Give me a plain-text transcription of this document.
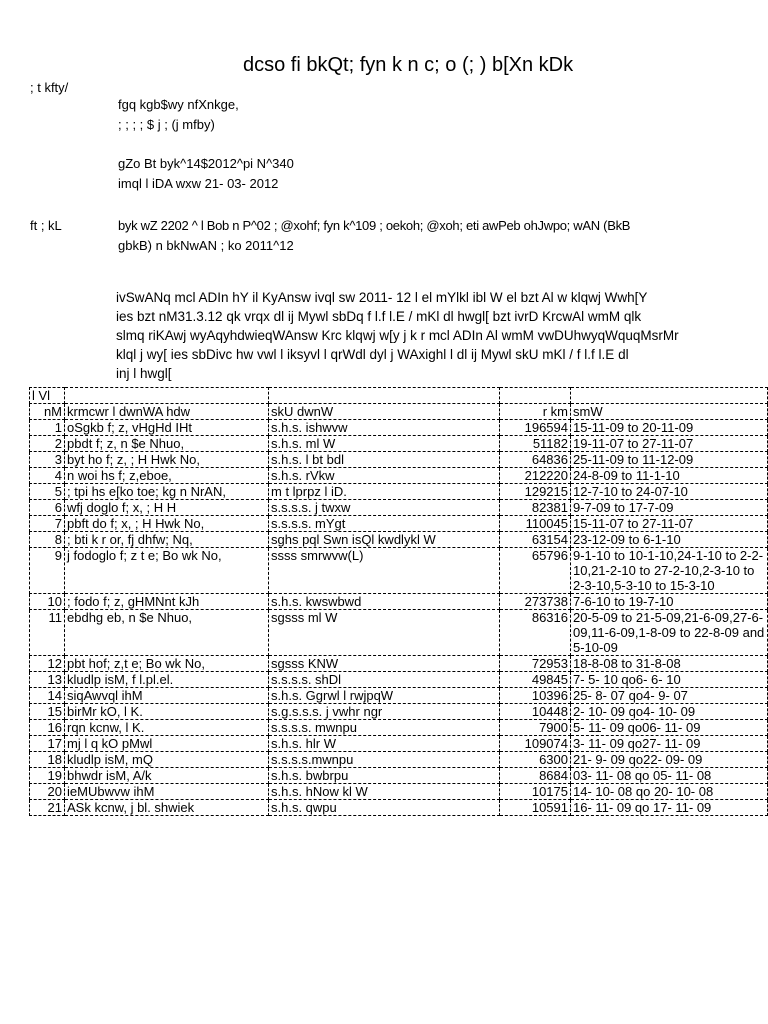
dcso fi bkQt; fyn k n c; o (; ) b[Xn kDk
; t kfty/
fgq kgb$wy nfXnkge,
; ; ; ; $ j ; (j mfby)
gZo Bt byk^14$2012^pi N^340
imql l iDA wxw 21- 03- 2012
ft ; kL	byk wZ 2202 ^ l Bob n P^02 ; @xohf; fyn k^109 ; oekoh; @xoh; eti awPeb ohJwpo; wAN (BkB
gbkB) n bkNwAN ; ko 2011^12
ivSwANq mcl ADIn hY il KyAnsw ivql sw 2011- 12 l el mYlkl ibl W el bzt Al w klqwj Wwh[Y
ies bzt nM31.3.12 qk vrqx dl ij Mywl sbDq f l.f l.E / mKl dl hwgl[ bzt ivrD KrcwAl wmM qlk
slmq riKAwj wyAqyhdwieqWAnsw Krc klqwj w[y j k r mcl ADIn Al wmM vwDUhwyqWquqMsrMr
klql j wy[ ies sbDivc hw vwl l iksyvl l qrWdl dyl j WAxighl l dl ij Mywl skU mKl / f l.f l.E dl
inj l hwgl[
l Vl				
nM	krmcwr l dwnWA hdw	skU dwnW	r km	smW
1	oSgkb f; z, vHgHd IHt	s.h.s. ishwvw	196594	15-11-09 to 20-11-09
2	pbdt f; z, n $e Nhuo,	s.h.s. ml W	51182	19-11-07 to 27-11-07
3	byt ho f; z, ; H Hwk No,	s.h.s. l bt bdl	64836	25-11-09 to 11-12-09
4	n woi hs f; z,eboe,	s.h.s. rVkw	212220	24-8-09 to 11-1-10
5	; tpi hs e[ko toe; kg n NrAN,	m t lprpz l iD.	129215	12-7-10 to 24-07-10
6	wfj doglo f; x, ; H H	s.s.s.s. j twxw	82381	9-7-09 to 17-7-09
7	pbft do f; x, ; H Hwk No,	s.s.s.s. mYgt	110045	15-11-07 to 27-11-07
8	; bti k r or, fj dhfw; Nq,	sghs pql Swn isQl kwdlykl W	63154	23-12-09 to 6-1-10
9	j fodoglo f; z t e; Bo wk No,	ssss smrwvw(L)	65796	9-1-10 to 10-1-10,24-1-10 to 2-2-10,21-2-10 to 27-2-10,2-3-10 to 2-3-10,5-3-10 to 15-3-10
10	; fodo f; z, gHMNnt kJh	s.h.s. kwswbwd	273738	7-6-10 to 19-7-10
11	ebdhg eb, n $e Nhuo,	sgsss ml W	86316	20-5-09 to 21-5-09,21-6-09,27-6-09,11-6-09,1-8-09 to 22-8-09 and 5-10-09
12	pbt hof; z,t e; Bo wk No,	sgsss KNW	72953	18-8-08 to 31-8-08
13	kludlp isM, f l.pl.el.	s.s.s.s. shDl	49845	7- 5- 10 qo6- 6- 10
14	siqAwvql ihM	s.h.s. Ggrwl l rwjpqW	10396	25- 8- 07 qo4- 9- 07
15	birMr kO, l K.	s.g.s.s.s. j vwhr ngr	10448	2- 10- 09 qo4- 10- 09
16	rqn kcnw, l K.	s.s.s.s. mwnpu	7900	5- 11- 09 qo06- 11- 09
17	mj l q kO pMwl	s.h.s. hlr W	109074	3- 11- 09 qo27- 11- 09
18	kludlp isM, mQ	s.s.s.s.mwnpu	6300	21- 9- 09 qo22- 09- 09
19	bhwdr isM, A/k	s.h.s. bwbrpu	8684	03- 11- 08 qo 05- 11- 08
20	ieMUbwvw ihM	s.h.s. hNow kl W	10175	14- 10- 08 qo 20- 10- 08
21	ASk kcnw, j bl. shwiek	s.h.s. qwpu	10591	16- 11- 09 qo 17- 11- 09
